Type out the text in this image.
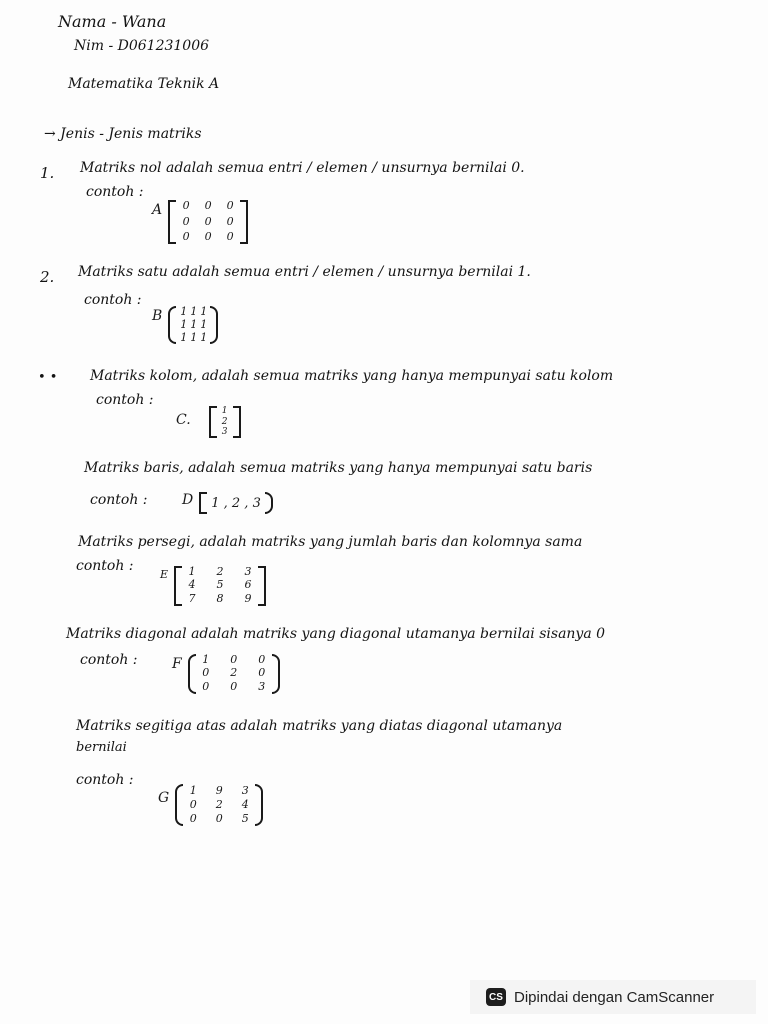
Nama - Wana
Nim - D061231006
Matematika Teknik A
→ Jenis - Jenis matriks
1. Matriks nol adalah semua entri / elemen / unsurnya bernilai 0.
contoh :
A 0 0 0
0 0 0
0 0 0
2. Matriks satu adalah semua entri / elemen / unsurnya bernilai 1.
contoh :
B 1 1 1
1 1 1
1 1 1
• • Matriks kolom, adalah semua matriks yang hanya mempunyai satu kolom
contoh :
C.
1
2
3
Matriks baris, adalah semua matriks yang hanya mempunyai satu baris
contoh : D	1 , 2 , 3
Matriks persegi, adalah matriks yang jumlah baris dan kolomnya sama
contoh :
E 1 2 3
4 5 6
7 8 9
Matriks diagonal adalah matriks yang diagonal utamanya bernilai sisanya 0
contoh : F 1 0 0
0 2 0
0 0 3
Matriks segitiga atas adalah matriks yang diatas diagonal utamanya
bernilai
contoh :
G 1 9 3
0 2 4
0 0 5
CS Dipindai dengan CamScanner
